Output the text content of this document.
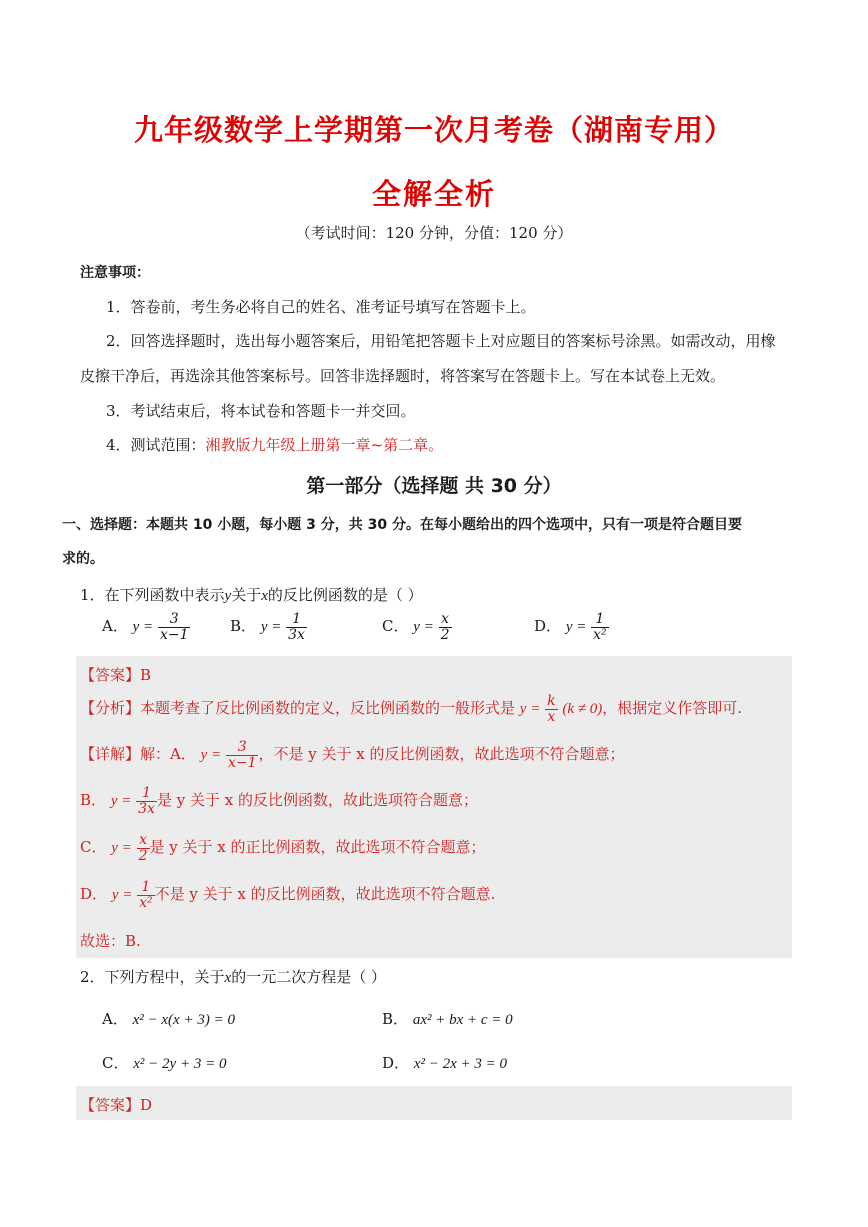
九年级数学上学期第一次月考卷（湖南专用）
全解全析
（考试时间：120 分钟，分值：120 分）
注意事项：
1．答卷前，考生务必将自己的姓名、准考证号填写在答题卡上。
2．回答选择题时，选出每小题答案后，用铅笔把答题卡上对应题目的答案标号涂黑。如需改动，用橡
皮擦干净后，再选涂其他答案标号。回答非选择题时，将答案写在答题卡上。写在本试卷上无效。
3．考试结束后，将本试卷和答题卡一并交回。
4．测试范围：湘教版九年级上册第一章~第二章。
第一部分（选择题 共 30 分）
一、选择题：本题共 10 小题，每小题 3 分，共 30 分。在每小题给出的四个选项中，只有一项是符合题目要
求的。
1．在下列函数中表示y关于x的反比例函数的是（ ）
A． $y = \frac{3}{x-1}$	B． $y = \frac{1}{3x}$	C． $y = \frac{x}{2}$	D． $y = \frac{1}{\text{x²}}$
【答案】B
【分析】本题考查了反比例函数的定义，反比例函数的一般形式是 $y = \frac{k}{x} (k \ne 0)$，根据定义作答即可.
【详解】解：A． $y = \frac{3}{x-1}$ ，不是 y 关于 x 的反比例函数，故此选项不符合题意；
B． $y = \frac{1}{3x}$ 是 y 关于 x 的反比例函数，故此选项符合题意；
C． $y = \frac{x}{2}$ 是 y 关于 x 的正比例函数，故此选项不符合题意；
D． $y = \frac{1}{\text{x²}}$ 不是 y 关于 x 的反比例函数，故此选项不符合题意.
故选：B.
2．下列方程中，关于x的一元二次方程是（ ）
A． x² − x(x + 3) = 0	B． ax² + bx + c = 0
C． x² − 2y + 3 = 0	D． x² − 2x + 3 = 0
【答案】D
